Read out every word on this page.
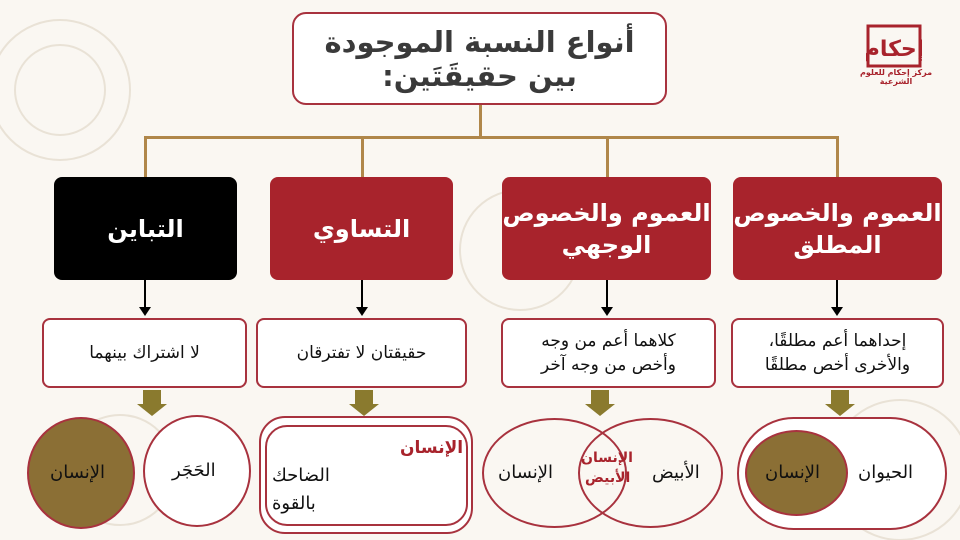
إحكام
مركز إحكام للعلوم الشرعية
أنواع النسبة الموجودة
بين حقيقَتَين:
العموم والخصوص المطلق
العموم والخصوص الوجهي
التساوي
التباين
إحداهما أعم مطلقًا، والأخرى أخص مطلقًا
كلاهما أعم من وجه وأخص من وجه آخر
حقيقتان لا تفترقان
لا اشتراك بينهما
الحيوان
الإنسان
الأبيض
الإنسان
الإنسان
الأبيض
الإنسان
الضاحك
بالقوة
الحَجَر
الإنسان
